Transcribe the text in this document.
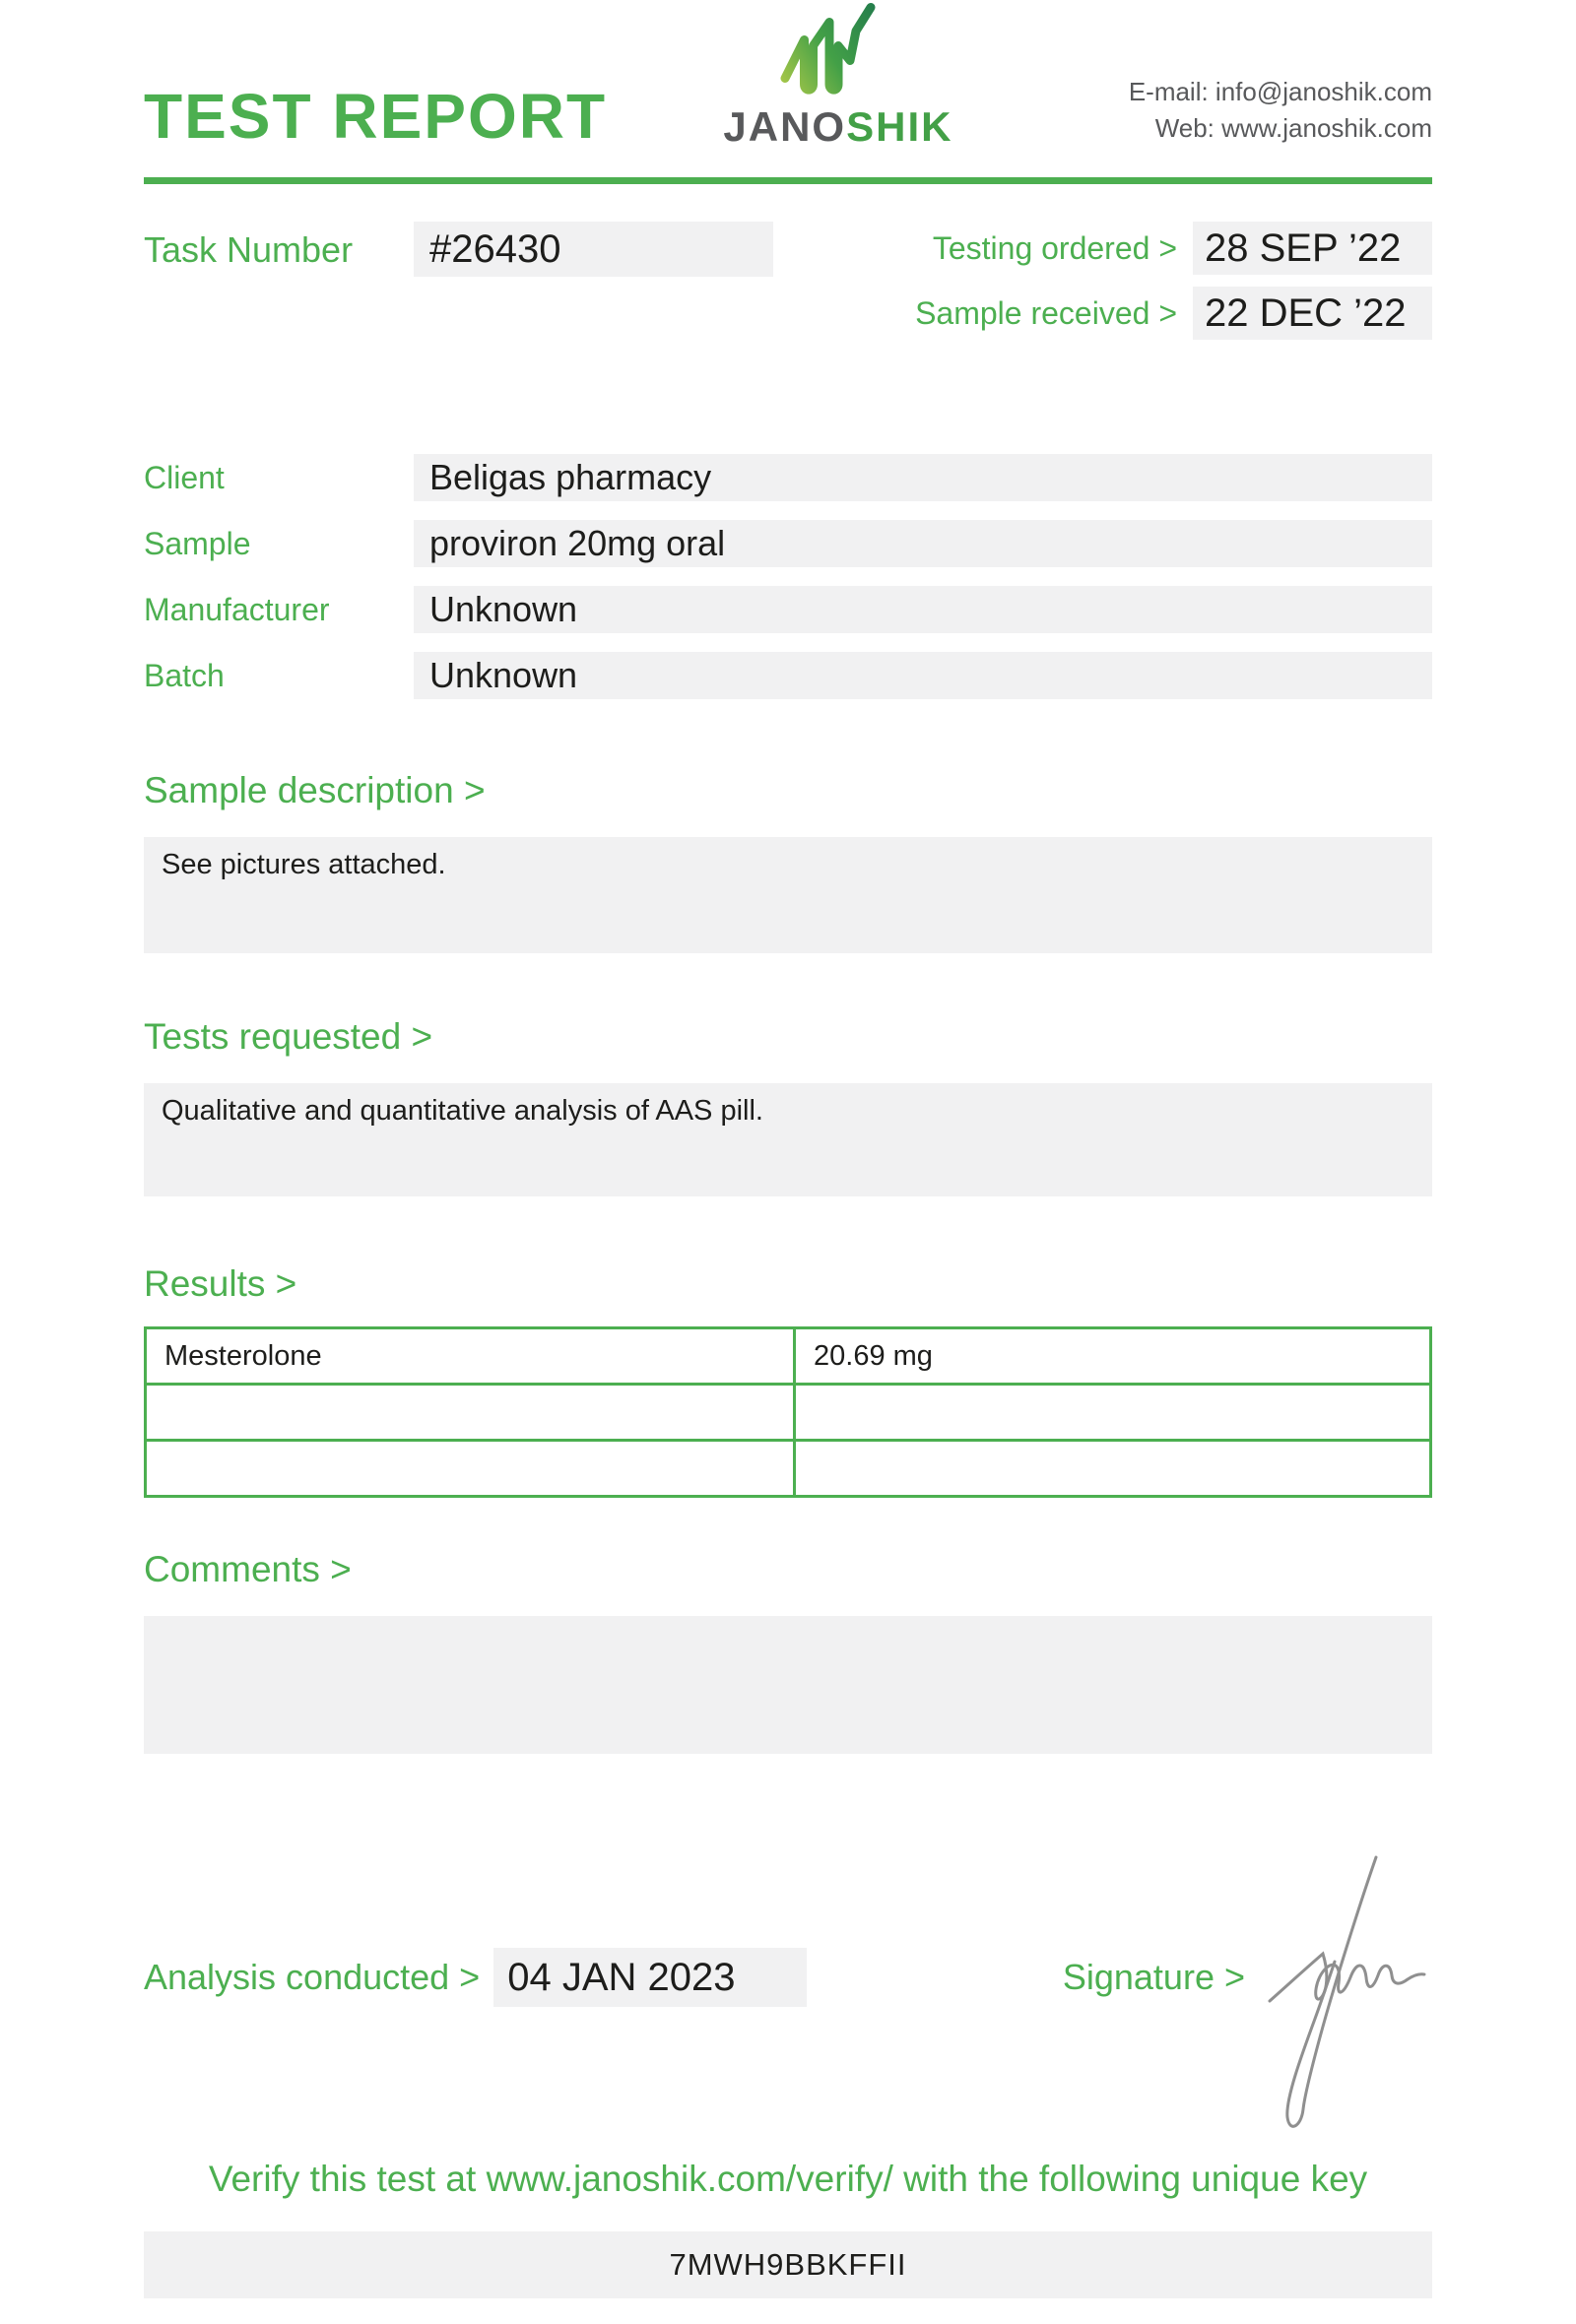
TEST REPORT	JANOSHIK
E-mail: info@janoshik.com
Web: www.janoshik.com
Task Number	#26430	Testing ordered > 28 SEP ’22
Sample received > 22 DEC ’22
Client	Beligas pharmacy
Sample	proviron 20mg oral
Manufacturer	Unknown
Batch	Unknown
Sample description >
See pictures attached.
Tests requested >
Qualitative and quantitative analysis of AAS pill.
Results >
Mesterolone	20.69 mg

Comments >
Analysis conducted > 04 JAN 2023	Signature >
Verify this test at www.janoshik.com/verify/ with the following unique key
7MWH9BBKFFII
